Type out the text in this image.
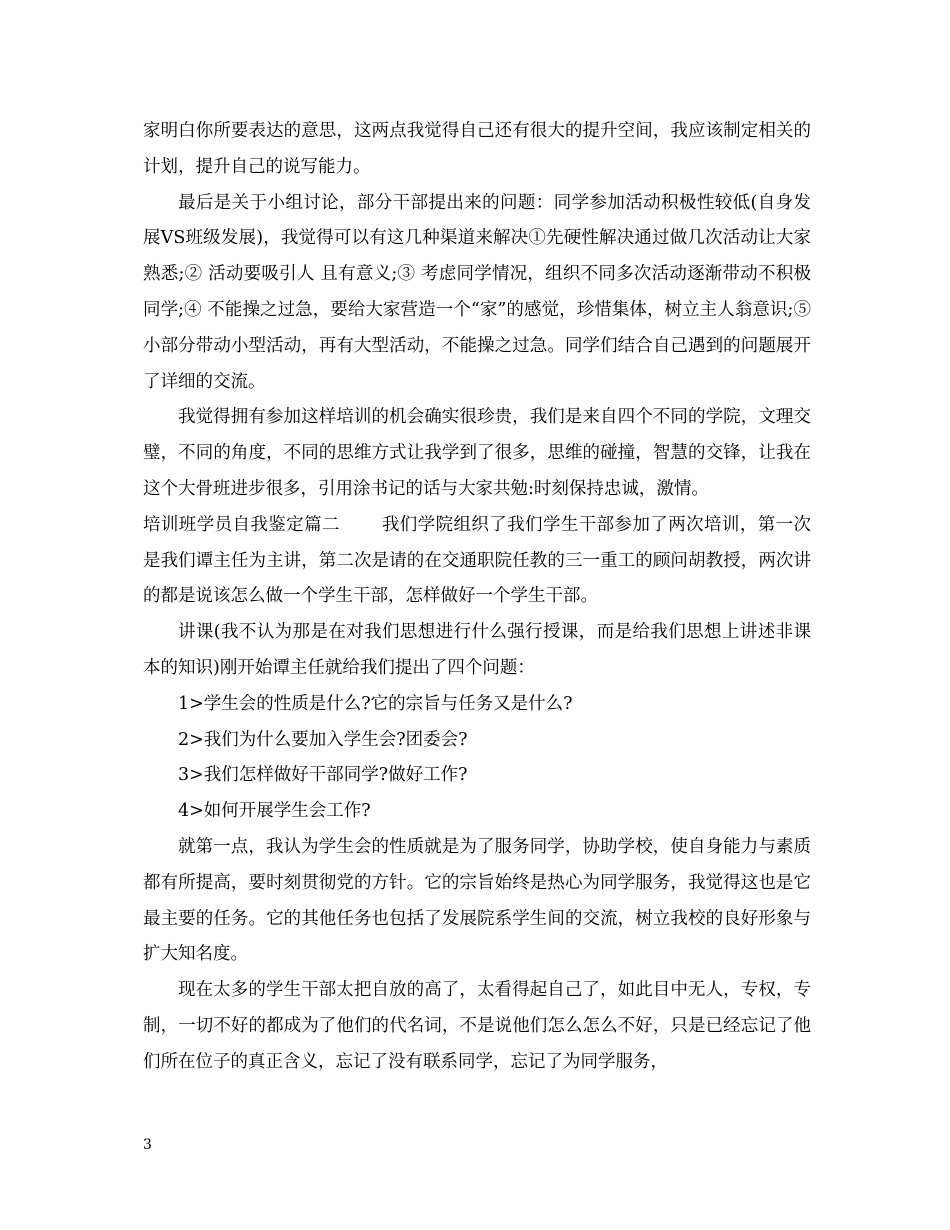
家明白你所要表达的意思，这两点我觉得自己还有很大的提升空间，我应该制定相关的计划，提升自己的说写能力。

最后是关于小组讨论，部分干部提出来的问题：同学参加活动积极性较低(自身发展VS班级发展)，我觉得可以有这几种渠道来解决①先硬性解决通过做几次活动让大家熟悉;② 活动要吸引人 且有意义;③ 考虑同学情况，组织不同多次活动逐渐带动不积极同学;④ 不能操之过急，要给大家营造一个“家”的感觉，珍惜集体，树立主人翁意识;⑤ 小部分带动小型活动，再有大型活动，不能操之过急。同学们结合自己遇到的问题展开了详细的交流。

我觉得拥有参加这样培训的机会确实很珍贵，我们是来自四个不同的学院，文理交璧，不同的角度，不同的思维方式让我学到了很多，思维的碰撞，智慧的交锋，让我在这个大骨班进步很多，引用涂书记的话与大家共勉:时刻保持忠诚，激情。

培训班学员自我鉴定篇二 我们学院组织了我们学生干部参加了两次培训，第一次是我们谭主任为主讲，第二次是请的在交通职院任教的三一重工的顾问胡教授，两次讲的都是说该怎么做一个学生干部，怎样做好一个学生干部。

讲课(我不认为那是在对我们思想进行什么强行授课，而是给我们思想上讲述非课本的知识)刚开始谭主任就给我们提出了四个问题：

1>学生会的性质是什么?它的宗旨与任务又是什么?

2>我们为什么要加入学生会?团委会?

3>我们怎样做好干部同学?做好工作?

4>如何开展学生会工作?

就第一点，我认为学生会的性质就是为了服务同学，协助学校，使自身能力与素质都有所提高，要时刻贯彻党的方针。它的宗旨始终是热心为同学服务，我觉得这也是它最主要的任务。它的其他任务也包括了发展院系学生间的交流，树立我校的良好形象与扩大知名度。

现在太多的学生干部太把自放的高了，太看得起自己了，如此目中无人，专权，专制，一切不好的都成为了他们的代名词，不是说他们怎么怎么不好，只是已经忘记了他们所在位子的真正含义，忘记了没有联系同学，忘记了为同学服务，

3
